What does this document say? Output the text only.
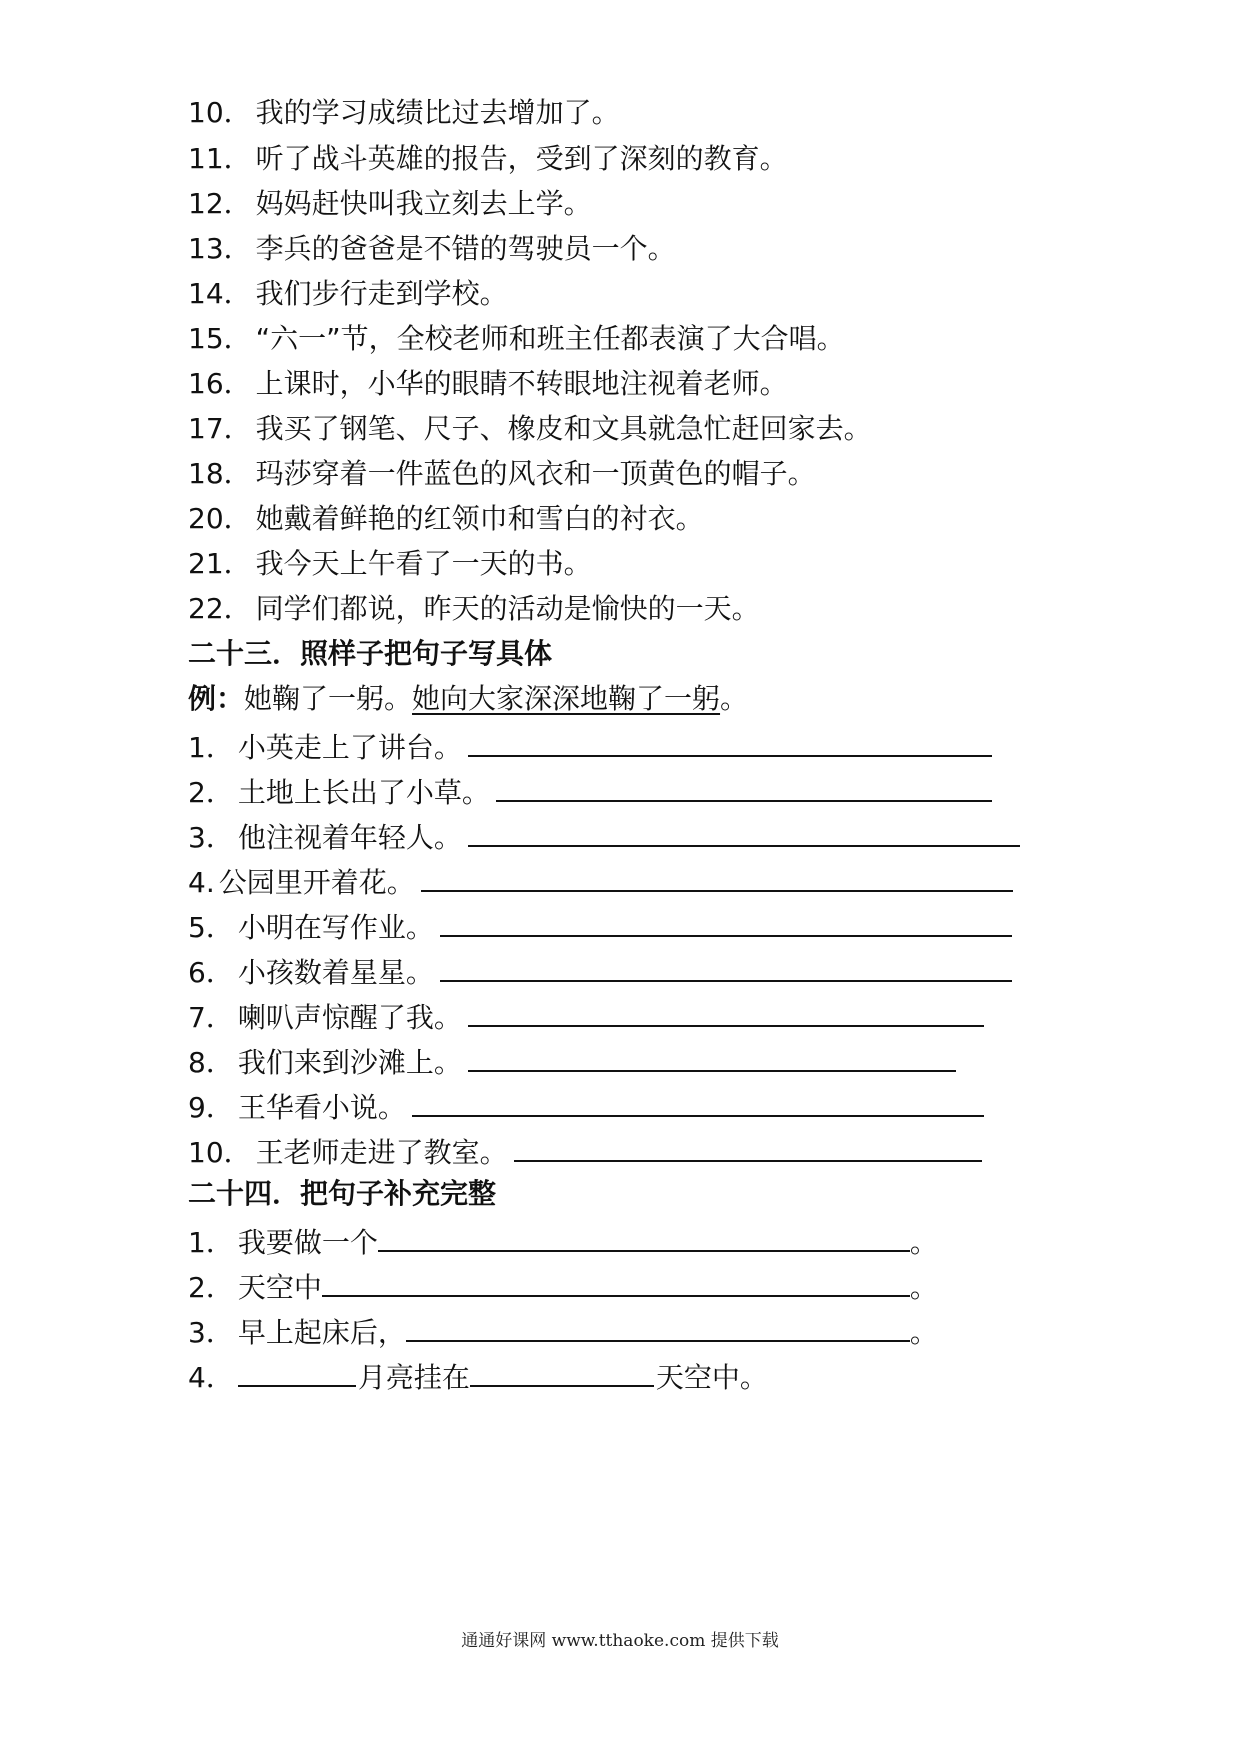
10． 我的学习成绩比过去增加了。
11． 听了战斗英雄的报告，受到了深刻的教育。
12． 妈妈赶快叫我立刻去上学。
13． 李兵的爸爸是不错的驾驶员一个。
14． 我们步行走到学校。
15． “六一”节，全校老师和班主任都表演了大合唱。
16． 上课时，小华的眼睛不转眼地注视着老师。
17． 我买了钢笔、尺子、橡皮和文具就急忙赶回家去。
18． 玛莎穿着一件蓝色的风衣和一顶黄色的帽子。
20． 她戴着鲜艳的红领巾和雪白的衬衣。
21． 我今天上午看了一天的书。
22． 同学们都说，昨天的活动是愉快的一天。
二十三．照样子把句子写具体
例： 她鞠了一躬。 她向大家深深地鞠了一躬 。
1． 小英走上了讲台。
2． 土地上长出了小草。
3． 他注视着年轻人。
4. 公园里开着花。
5． 小明在写作业。
6． 小孩数着星星。
7． 喇叭声惊醒了我。
8． 我们来到沙滩上。
9． 王华看小说。
10． 王老师走进了教室。
二十四．把句子补充完整
1． 我要做一个	。
2． 天空中	。
3． 早上起床后，	。
4．	月亮挂在	天空中。
通通好课网 www.tthaoke.com 提供下载
